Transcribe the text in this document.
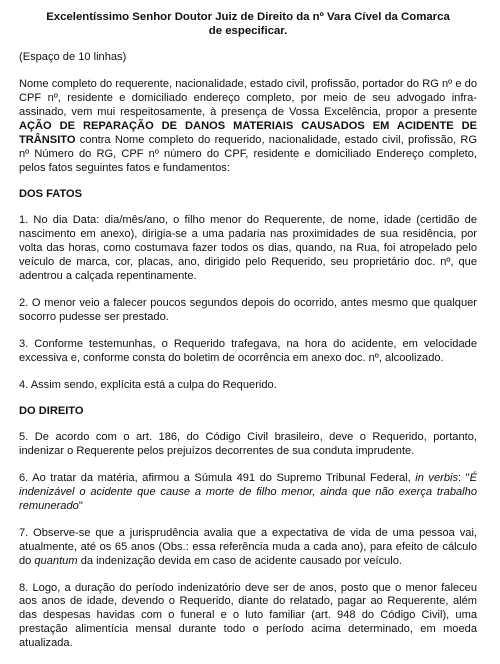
Excelentíssimo Senhor Doutor Juiz de Direito da nº Vara Cível da Comarca
de especificar.
(Espaço de 10 linhas)

Nome completo do requerente, nacionalidade, estado civil, profissão, portador do RG nº e do CPF nº, residente e domiciliado endereço completo, por meio de seu advogado infra-assinado, vem mui respeitosamente, à presença de Vossa Excelência, propor a presente AÇÃO DE REPARAÇÃO DE DANOS MATERIAIS CAUSADOS EM ACIDENTE DE TRÂNSITO contra Nome completo do requerido, nacionalidade, estado civil, profissão, RG nº Número do RG, CPF nº número do CPF, residente e domiciliado Endereço completo, pelos fatos seguintes fatos e fundamentos:

DOS FATOS

1. No dia Data: dia/mês/ano, o filho menor do Requerente, de nome, idade (certidão de nascimento em anexo), dirigia-se a uma padaria nas proximidades de sua residência, por volta das horas, como costumava fazer todos os dias, quando, na Rua, foi atropelado pelo veículo de marca, cor, placas, ano, dirigido pelo Requerido, seu proprietário doc. nº, que adentrou a calçada repentinamente.

2. O menor veio a falecer poucos segundos depois do ocorrido, antes mesmo que qualquer socorro pudesse ser prestado.

3. Conforme testemunhas, o Requerido trafegava, na hora do acidente, em velocidade excessiva e, conforme consta do boletim de ocorrência em anexo doc. nº, alcoolizado.

4. Assim sendo, explícita está a culpa do Requerido.

DO DIREITO

5. De acordo com o art. 186, do Código Civil brasileiro, deve o Requerido, portanto, indenizar o Requerente pelos prejuízos decorrentes de sua conduta imprudente.

6. Ao tratar da matéria, afirmou a Súmula 491 do Supremo Tribunal Federal, in verbis: "É indenizável o acidente que cause a morte de filho menor, ainda que não exerça trabalho remunerado"

7. Observe-se que a jurisprudência avalia que a expectativa de vida de uma pessoa vai, atualmente, até os 65 anos (Obs.: essa referência muda a cada ano), para efeito de cálculo do quantum da indenização devida em caso de acidente causado por veículo.

8. Logo, a duração do período indenizatório deve ser de anos, posto que o menor faleceu aos anos de idade, devendo o Requerido, diante do relatado, pagar ao Requerente, além das despesas havidas com o funeral e o luto familiar (art. 948 do Código Civil), uma prestação alimentícia mensal durante todo o período acima determinado, em moeda atualizada.
